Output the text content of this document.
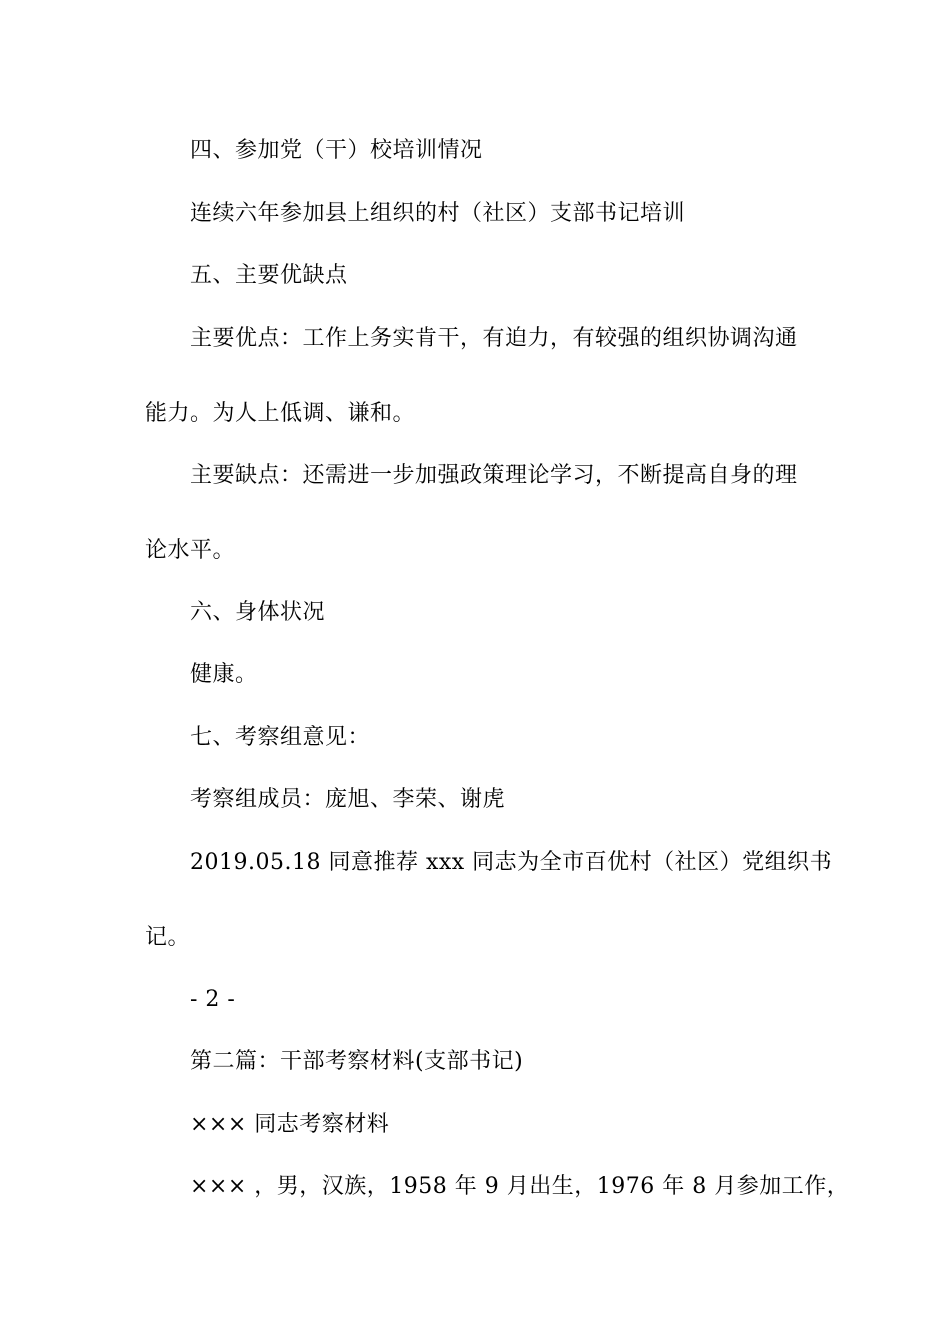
四、参加党（干）校培训情况
连续六年参加县上组织的村（社区）支部书记培训
五、主要优缺点
主要优点：工作上务实肯干，有迫力，有较强的组织协调沟通
能力。为人上低调、谦和。
主要缺点：还需进一步加强政策理论学习，不断提高自身的理
论水平。
六、身体状况
健康。
七、考察组意见：
考察组成员：庞旭、李荣、谢虎
2019.05.18 同意推荐 xxx 同志为全市百优村（社区）党组织书
记。
- 2 -
第二篇：干部考察材料(支部书记)
××× 同志考察材料
××× ，男，汉族，1958 年 9 月出生，1976 年 8 月参加工作，
